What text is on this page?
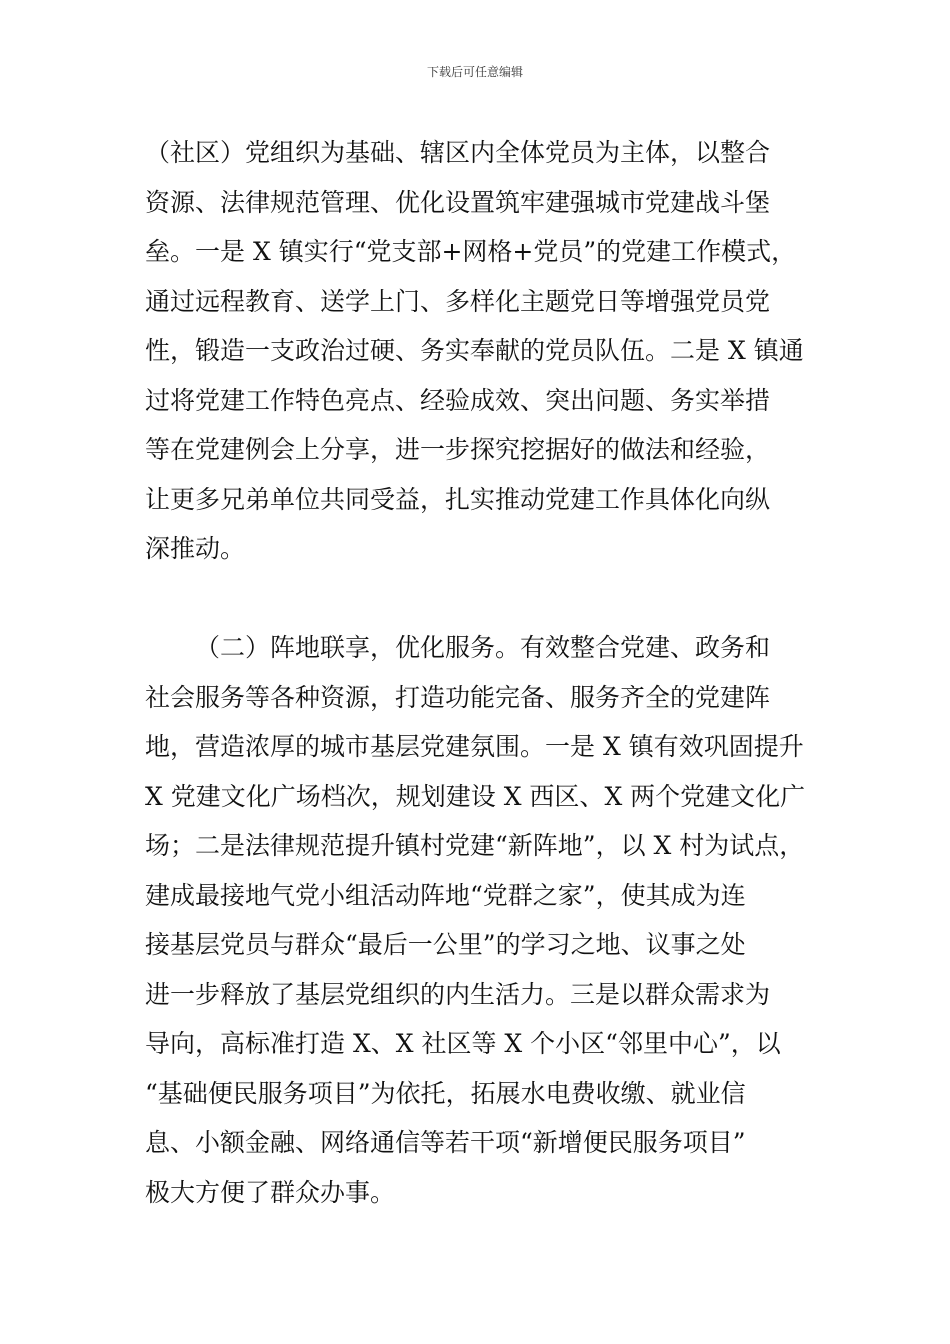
下载后可任意编辑
（社区）党组织为基础、辖区内全体党员为主体，以整合
资源、法律规范管理、优化设置筑牢建强城市党建战斗堡
垒。一是 X 镇实行“党支部+网格+党员”的党建工作模式，
通过远程教育、送学上门、多样化主题党日等增强党员党
性，锻造一支政治过硬、务实奉献的党员队伍。二是 X 镇通
过将党建工作特色亮点、经验成效、突出问题、务实举措
等在党建例会上分享，进一步探究挖据好的做法和经验，
让更多兄弟单位共同受益，扎实推动党建工作具体化向纵
深推动。
（二）阵地联享，优化服务。有效整合党建、政务和
社会服务等各种资源，打造功能完备、服务齐全的党建阵
地，营造浓厚的城市基层党建氛围。一是 X 镇有效巩固提升
X 党建文化广场档次，规划建设 X 西区、X 两个党建文化广
场；二是法律规范提升镇村党建“新阵地”，以 X 村为试点，
建成最接地气党小组活动阵地“党群之家”，使其成为连
接基层党员与群众“最后一公里”的学习之地、议事之处
进一步释放了基层党组织的内生活力。三是以群众需求为
导向，高标准打造 X、X 社区等 X 个小区“邻里中心”，以
“基础便民服务项目”为依托，拓展水电费收缴、就业信
息、小额金融、网络通信等若干项“新增便民服务项目”
极大方便了群众办事。
